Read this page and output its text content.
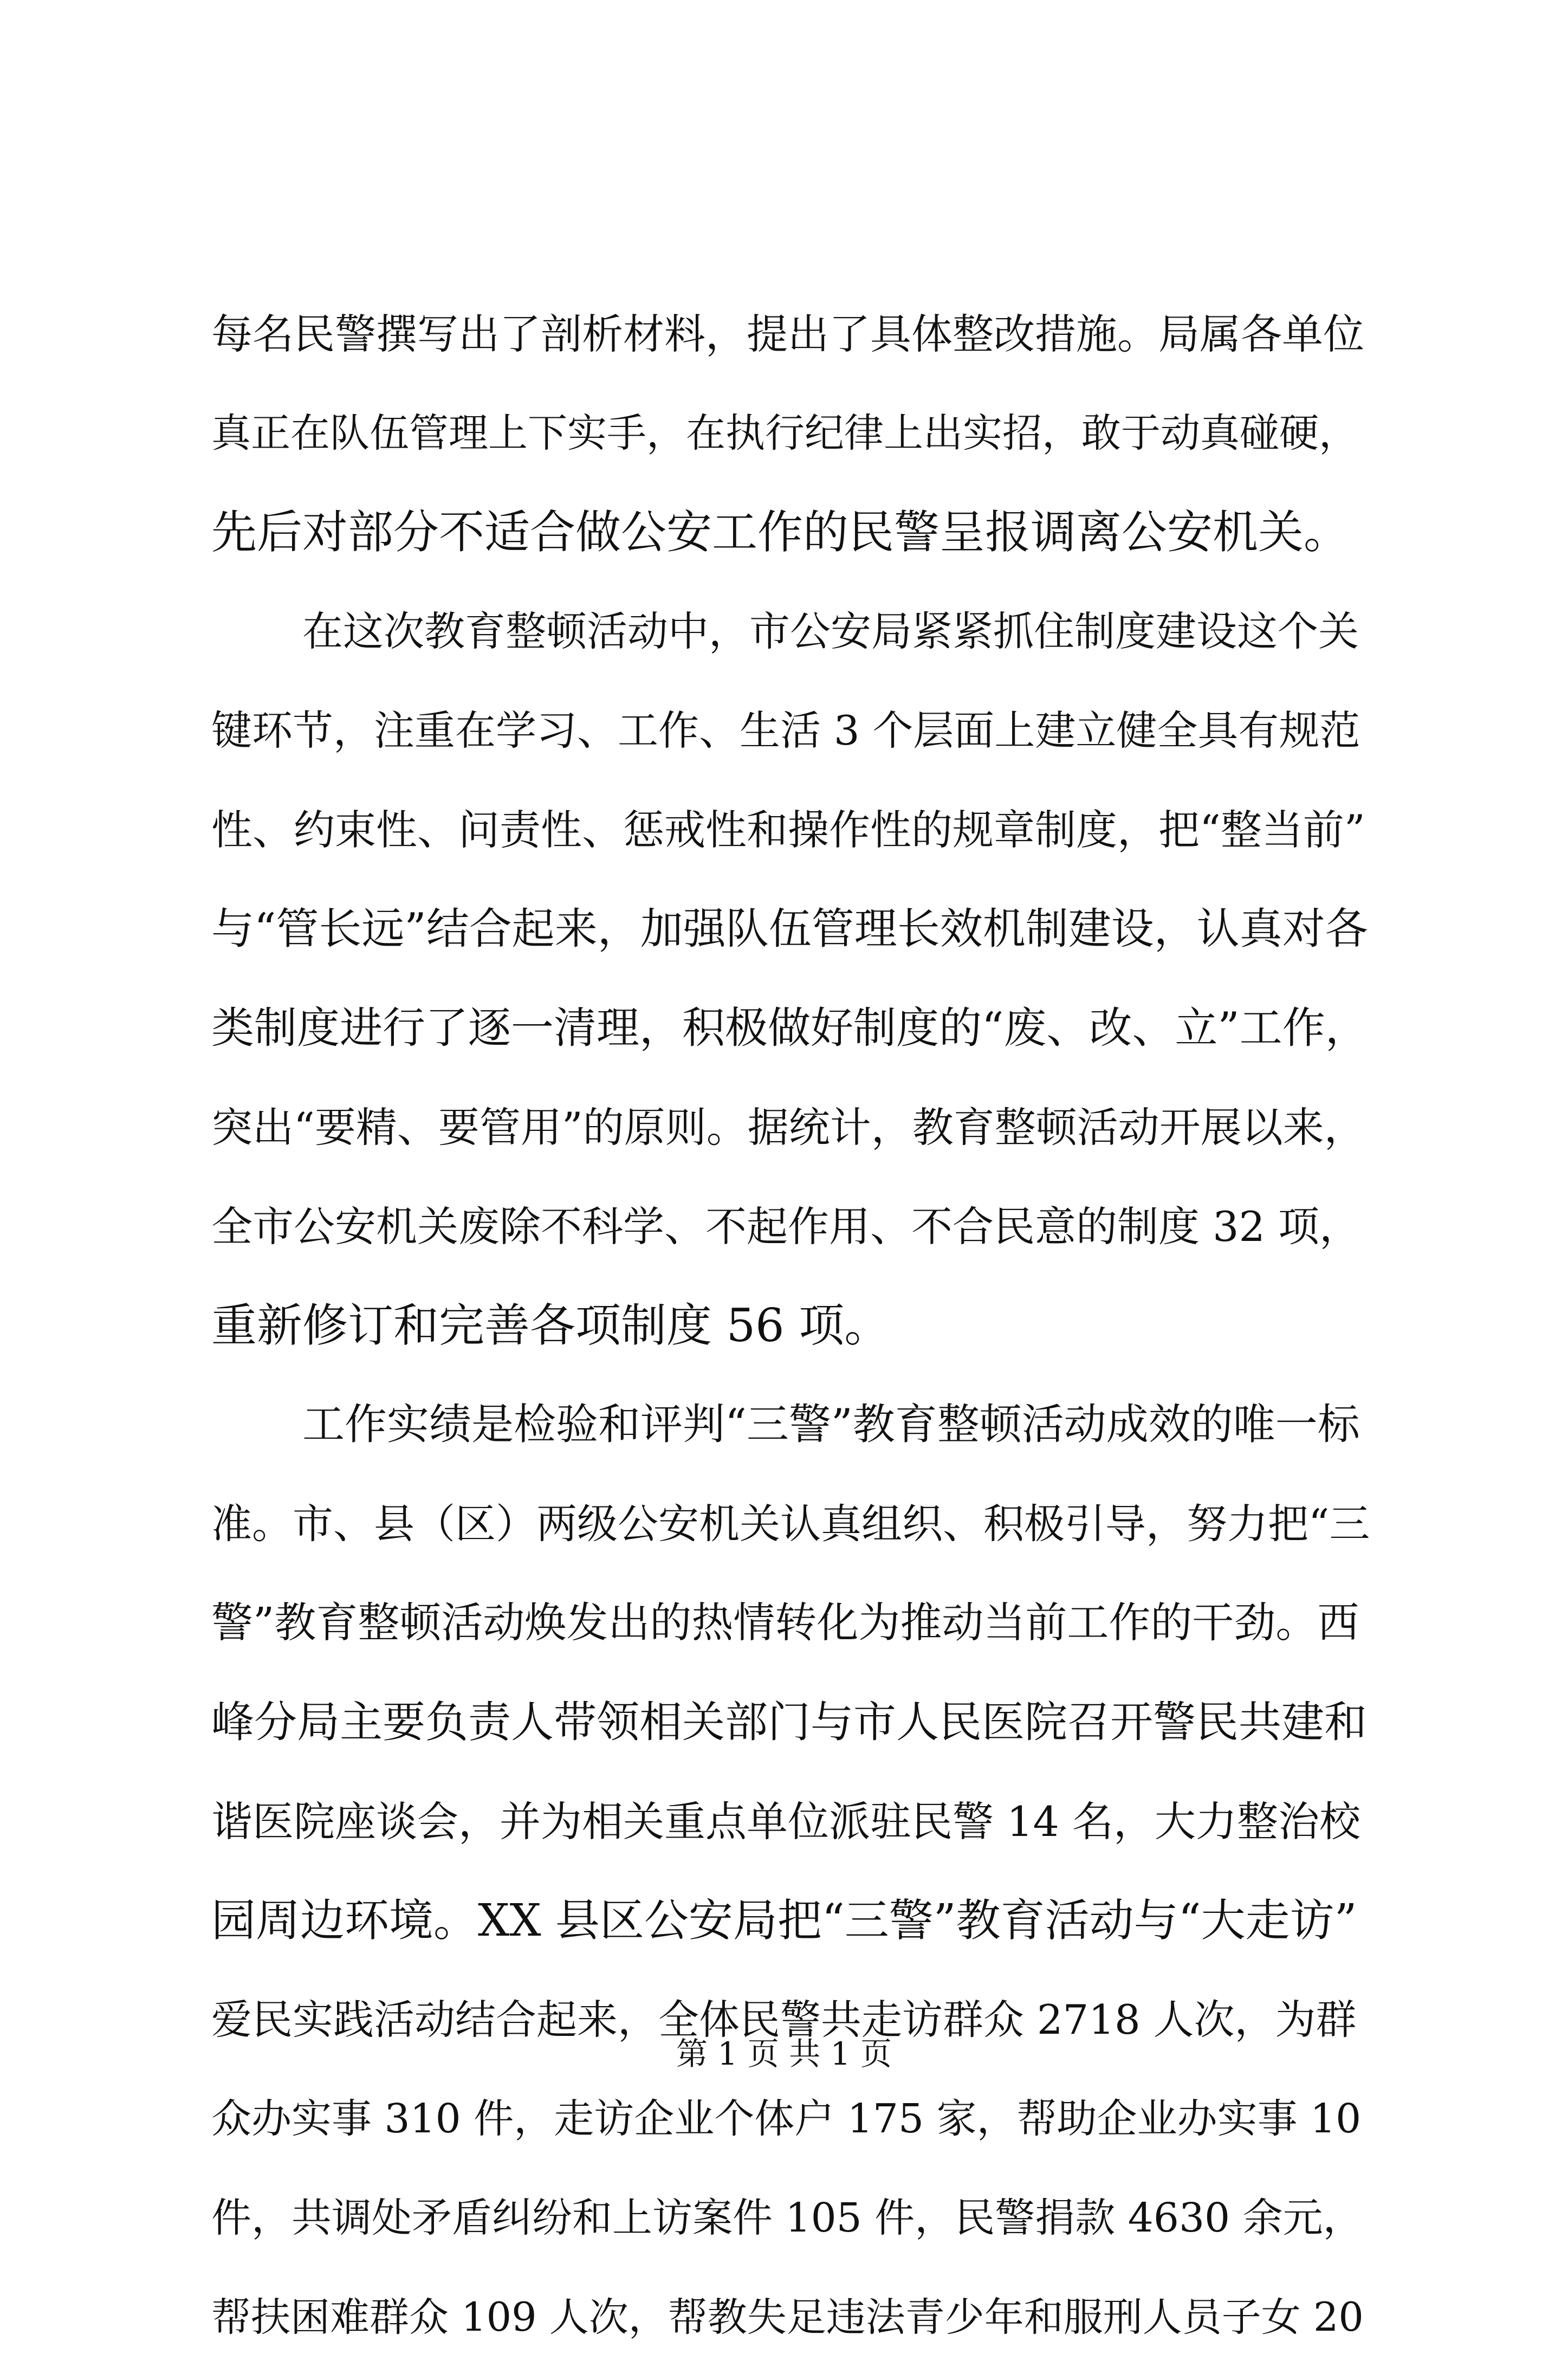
每名民警撰写出了剖析材料，提出了具体整改措施。局属各单位
真正在队伍管理上下实手，在执行纪律上出实招，敢于动真碰硬，
先后对部分不适合做公安工作的民警呈报调离公安机关。
在这次教育整顿活动中，市公安局紧紧抓住制度建设这个关
键环节，注重在学习、工作、生活 3 个层面上建立健全具有规范
性、约束性、问责性、惩戒性和操作性的规章制度，把“整当前”
与“管长远”结合起来，加强队伍管理长效机制建设，认真对各
类制度进行了逐一清理，积极做好制度的“废、改、立”工作，
突出“要精、要管用”的原则。据统计，教育整顿活动开展以来，
全市公安机关废除不科学、不起作用、不合民意的制度 32 项，
重新修订和完善各项制度 56 项。
工作实绩是检验和评判“三警”教育整顿活动成效的唯一标
准。市、县（区）两级公安机关认真组织、积极引导，努力把“三
警”教育整顿活动焕发出的热情转化为推动当前工作的干劲。西
峰分局主要负责人带领相关部门与市人民医院召开警民共建和
谐医院座谈会，并为相关重点单位派驻民警 14 名，大力整治校
园周边环境。XX 县区公安局把“三警”教育活动与“大走访”
爱民实践活动结合起来，全体民警共走访群众 2718 人次，为群
众办实事 310 件，走访企业个体户 175 家，帮助企业办实事 10
件，共调处矛盾纠纷和上访案件 105 件，民警捐款 4630 余元，
帮扶困难群众 109 人次，帮教失足违法青少年和服刑人员子女 20
第 1 页 共 1 页
